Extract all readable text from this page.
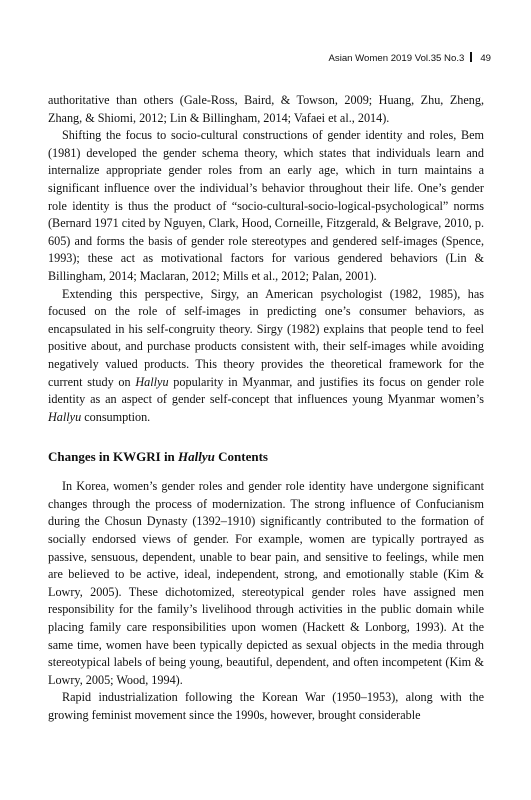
Asian Women 2019 Vol.35 No.3 49

authoritative than others (Gale-Ross, Baird, & Towson, 2009; Huang, Zhu, Zheng, Zhang, & Shiomi, 2012; Lin & Billingham, 2014; Vafaei et al., 2014).

Shifting the focus to socio-cultural constructions of gender identity and roles, Bem (1981) developed the gender schema theory, which states that individuals learn and internalize appropriate gender roles from an early age, which in turn maintains a significant influence over the individual’s behavior throughout their life. One’s gender role identity is thus the product of “socio-cultural-socio-logical-psychological” norms (Bernard 1971 cited by Nguyen, Clark, Hood, Corneille, Fitzgerald, & Belgrave, 2010, p. 605) and forms the basis of gender role stereotypes and gendered self-images (Spence, 1993); these act as motivational factors for various gendered behaviors (Lin & Billingham, 2014; Maclaran, 2012; Mills et al., 2012; Palan, 2001).

Extending this perspective, Sirgy, an American psychologist (1982, 1985), has focused on the role of self-images in predicting one’s consumer behaviors, as encapsulated in his self-congruity theory. Sirgy (1982) explains that people tend to feel positive about, and purchase products consistent with, their self-images while avoiding negatively valued products. This theory provides the theoretical framework for the current study on Hallyu popularity in Myanmar, and justifies its focus on gender role identity as an aspect of gender self-concept that influences young Myanmar women’s Hallyu consumption.

Changes in KWGRI in Hallyu Contents

In Korea, women’s gender roles and gender role identity have undergone significant changes through the process of modernization. The strong influence of Confucianism during the Chosun Dynasty (1392–1910) significantly contributed to the formation of socially endorsed views of gender. For example, women are typically portrayed as passive, sensuous, dependent, unable to bear pain, and sensitive to feelings, while men are believed to be active, ideal, independent, strong, and emotionally stable (Kim & Lowry, 2005). These dichotomized, stereotypical gender roles have assigned men responsibility for the family’s livelihood through activities in the public domain while placing family care responsibilities upon women (Hackett & Lonborg, 1993). At the same time, women have been typically depicted as sexual objects in the media through stereotypical labels of being young, beautiful, dependent, and often incompetent (Kim & Lowry, 2005; Wood, 1994).

Rapid industrialization following the Korean War (1950–1953), along with the growing feminist movement since the 1990s, however, brought considerable
